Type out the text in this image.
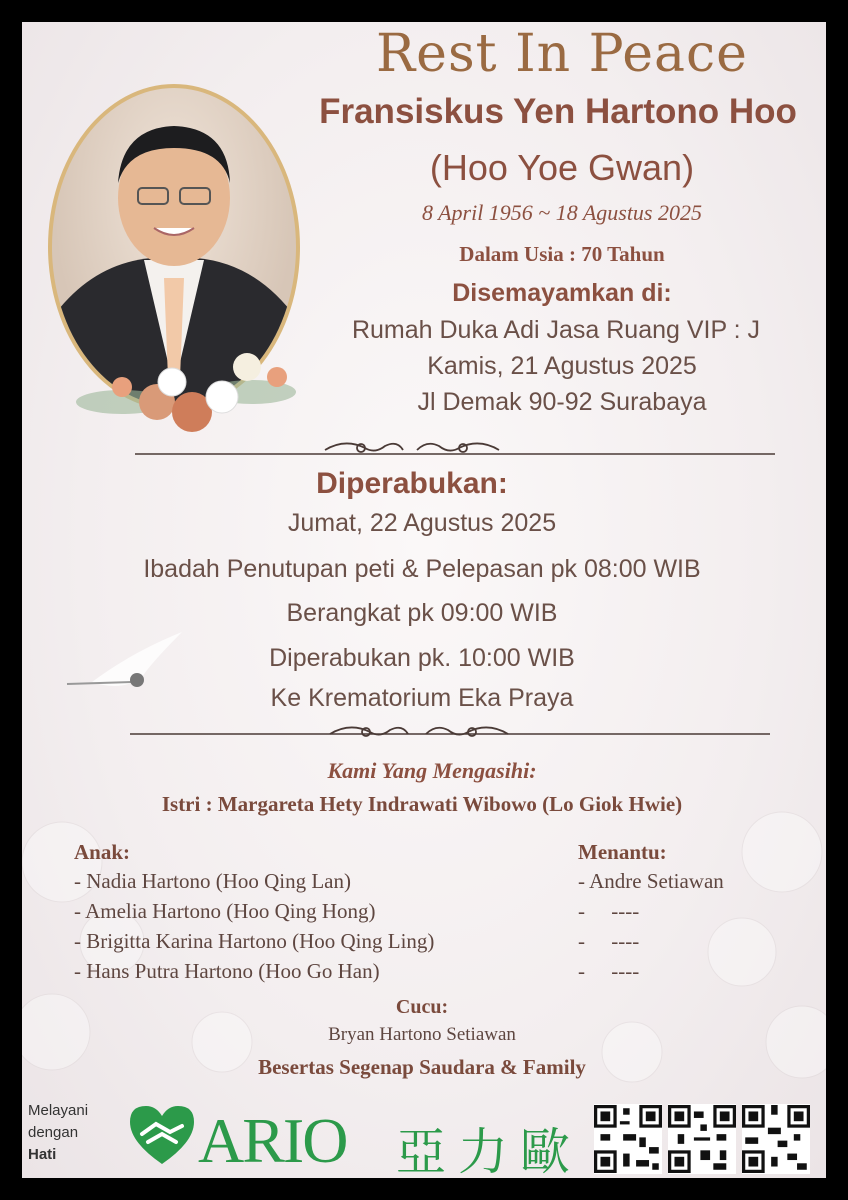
Rest In Peace
Fransiskus Yen Hartono Hoo
(Hoo Yoe Gwan)
8 April 1956 ~ 18 Agustus 2025
Dalam Usia : 70 Tahun
Disemayamkan di:
Rumah Duka Adi Jasa Ruang VIP : J
Kamis, 21 Agustus 2025
Jl Demak 90-92 Surabaya
Diperabukan:
Jumat, 22 Agustus 2025
Ibadah Penutupan peti & Pelepasan pk 08:00 WIB
Berangkat pk 09:00 WIB
Diperabukan pk. 10:00 WIB
Ke Krematorium Eka Praya
Kami Yang Mengasihi:
Istri : Margareta Hety Indrawati Wibowo (Lo Giok Hwie)
Anak:
- Nadia Hartono (Hoo Qing Lan)
- Amelia Hartono (Hoo Qing Hong)
- Brigitta Karina Hartono (Hoo Qing Ling)
- Hans Putra Hartono (Hoo Go Han)
Menantu:
- Andre Setiawan
-     ----
-     ----
-     ----
Cucu:
Bryan Hartono Setiawan
Besertas Segenap Saudara & Family
Melayani
dengan
Hati ARIO 亞力歐
